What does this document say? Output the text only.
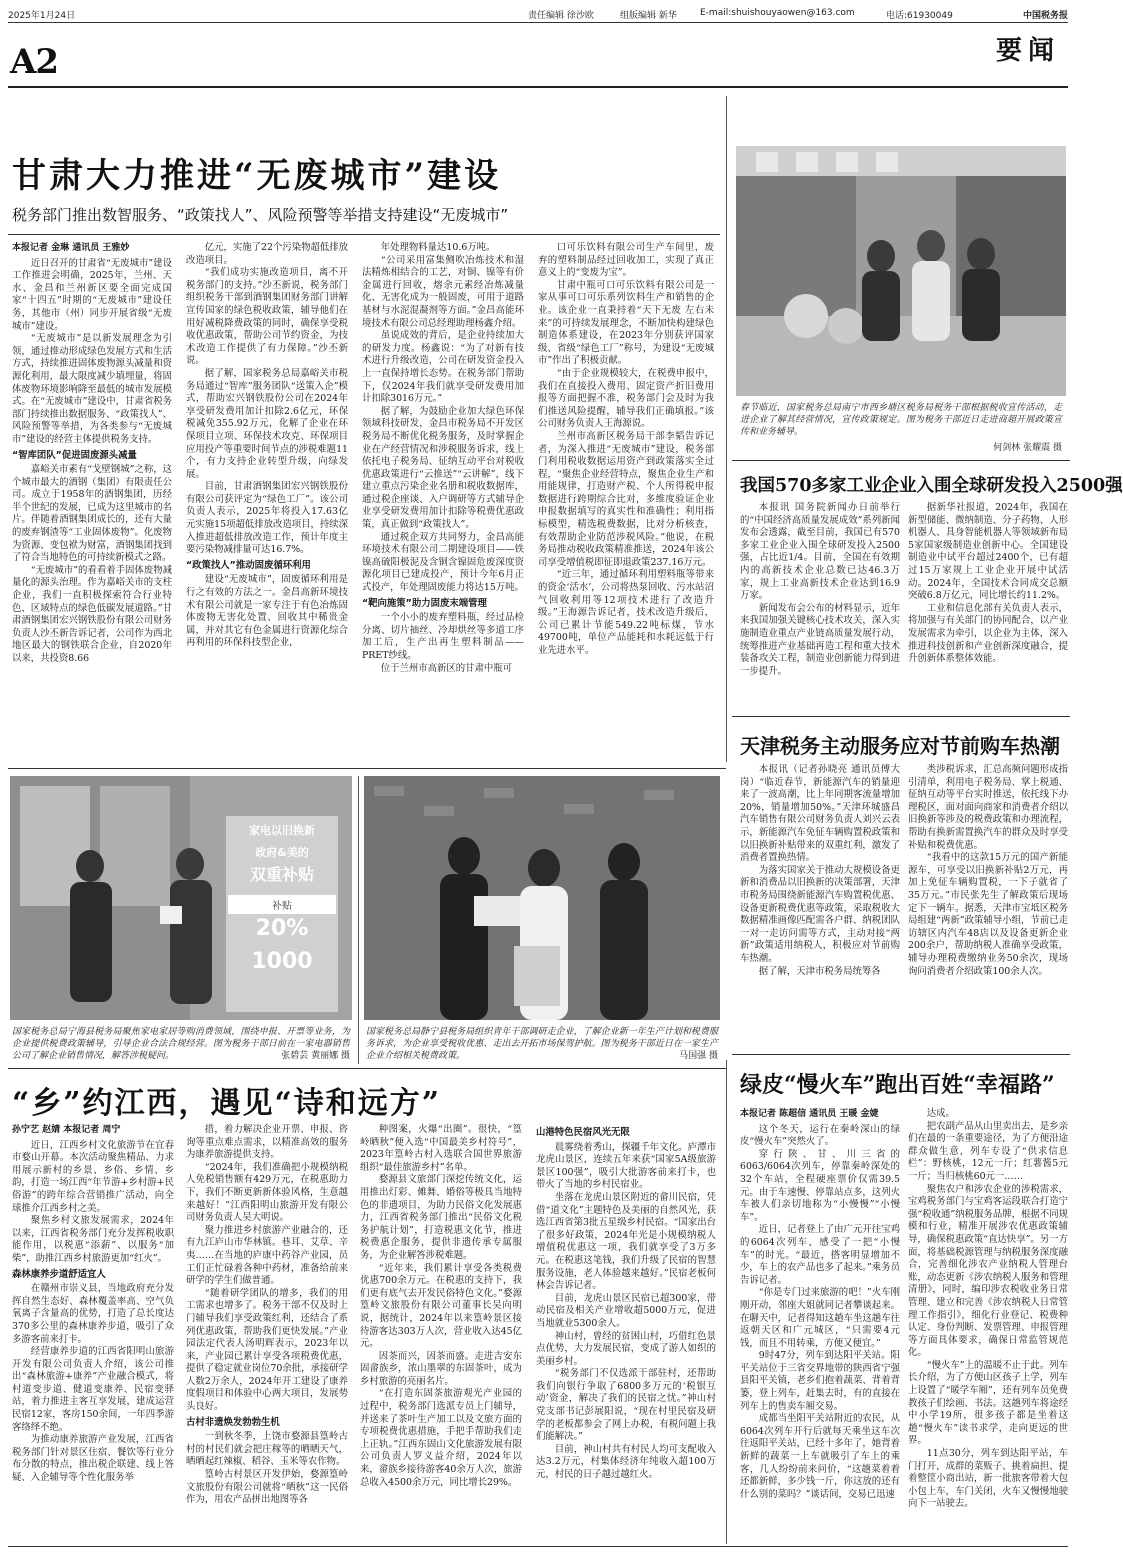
2025年1月24日	责任编辑 徐沙欧	组版编辑 新华	E-mail:shuishouyaowen@163.com	电话:61930049	中国税务报
A2	要闻
甘肃大力推进“无废城市”建设
税务部门推出数智服务、“政策找人”、风险预警等举措支持建设“无废城市”

本报记者 金琳 通讯员 王雅妙

近日召开的甘肃省“无废城市”建设工作推进会明确，2025年，兰州、天水、金昌和兰州新区要全面完成国家“十四五”时期的“无废城市”建设任务，其他市（州）同步开展省级“无废城市”建设。

“无废城市”是以新发展理念为引领，通过推动形成绿色发展方式和生活方式，持续推进固体废物源头减量和资源化利用，最大限度减少填埋量，将固体废物环境影响降至最低的城市发展模式。在“无废城市”建设中，甘肃省税务部门持续推出数据服务、“政策找人”、风险预警等举措，为各类参与“无废城市”建设的经营主体提供税务支持。

“智库团队”促进固废源头减量

嘉峪关市素有“戈壁钢城”之称，这个城市最大的酒钢（集团）有限责任公司。成立于1958年的酒钢集团，历经半个世纪的发展，已成为这里城市的名片。伴随着酒钢集团成长的，还有大量的废弃钢渣等“工业固体废物”。化废物为资源、变包袱为财富，酒钢集团找到了符合当地特色的可持续新模式之路。

“无废城市”的看看着手固体废物减量化的源头治理。作为嘉峪关市的支柱企业，我们一直积极探索符合行业特色、区域特点的绿色低碳发展道路。”甘肃酒钢集团宏兴钢铁股份有限公司财务负责人沙丕新告诉记者，公司作为西北地区最大的钢铁联合企业，自2020年以来，共投资8.66

亿元，实施了22个污染物超低排放改造项目。

“我们成功实施改造项目，离不开税务部门的支持。”沙丕新说，税务部门组织税务干部到酒钢集团财务部门讲解宣传国家的绿色税收政策，辅导他们在用好减税降费政策的同时，确保享受税收优惠政策，帮助公司节约资金，为技术改造工作提供了有力保障。”沙丕新说。

据了解，国家税务总局嘉峪关市税务局通过“智库”服务团队“送策入企”模式，帮助宏兴钢铁股份公司在2024年享受研发费用加计扣除2.6亿元，环保税减免355.92万元，化解了企业在环保项目立项、环保技术攻克、环保项目应用投产等重要时间节点的涉税难题11个，有力支持企业转型升级，向绿发展。

目前，甘肃酒钢集团宏兴钢铁股份有限公司获评定为“绿色工厂”。该公司负责人表示，2025年将投入17.63亿元实施15项超低排放改造项目，持续深入推进超低排放改造工作，预计年度主要污染物减排量可达16.7%。

“政策找人”推动固废循环利用

建设“无废城市”，固废循环利用是行之有效的方法之一。金昌高新环境技术有限公司就是一家专注于有色冶炼固体废物无害化处置、回收其中稀贵金属，并对其它有色金属进行资源化综合再利用的环保科技型企业，

年处理物料量达10.6万吨。

“公司采用富集侧吹冶炼技术和湿法精炼相结合的工艺，对铜、镍等有价金属进行回收，熔余元素经冶炼减量化、无害化成为一般固废，可用于道路基材与水泥混凝剂等方面。”金昌高能环境技术有限公司总经理助理杨鑫介绍。

虽说成效的背后，是企业持续加大的研发力度。杨鑫说：“为了对新有技术进行升级改造，公司在研发资金投入上一直保持增长态势。在税务部门帮助下，仅2024年我们就享受研发费用加计扣除3016万元。”

据了解，为鼓励企业加大绿色环保领域科技研发，金昌市税务局不开发区税务局不断优化税务服务，及时掌握企业在产经营情况和涉税服务诉求，线上依托电子税务局、征纳互动平台对税收优惠政策进行“云推送”“云讲解”，线下建立重点污染企业名册和税收数据库，通过税企座谈、入户调研等方式辅导企业享受研发费用加计扣除等税费优惠政策，真正做到“政策找人”。

通过税企双方共同努力，金昌高能环境技术有限公司二期建设项目——铁镍高硫阳极泥及含铜含镍固危废深度资源化项目已建成投产，预计今年6月正式投产，年处理固废能力将达15万吨。

“靶向施策”助力固废末端管理

一个小小的废弃塑料瓶，经过品检分离、切片抽丝、冷却烘丝等多道工序加工后，生产出再生塑料制品——PRET纱线。

位于兰州市高新区的甘肃中瓶可

口可乐饮料有限公司生产车间里，废弃的塑料制品经过回收加工，实现了真正意义上的“变废为宝”。

甘肃中瓶可口可乐饮料有限公司是一家从事可口可乐系列饮料生产和销售的企业。该企业一直秉持着“天下无废 左右未来”的可持续发展理念，不断加快构建绿色制造体系建设，在2023年分别获评国家级、省级“绿色工厂”称号，为建设“无废城市”作出了积极贡献。

“由于企业规模较大，在税费申报中，我们在直接投入费用、固定资产折旧费用报等方面把握不准，税务部门会及时为我们推送风险提醒，辅导我们正确填报。”该公司财务负责人王海源说。

兰州市高新区税务局干部李韬告诉记者，为深入推进“无废城市”建设，税务部门利用税收数据运用资产到政策落实全过程，“聚焦企业经营特点，聚焦企业生产和用能规律，打造财产税、个人所得税申报数据进行跨期综合比对，多维度验证企业申报数据填写的真实性和准确性；利用指标模型，精选税费数据，比对分析核查，有效帮助企业防范涉税风险。”他说，在税务局推动税收政策精准推送，2024年该公司享受增值税即征即退政策237.16万元。

“近三年，通过循环利用塑料瓶等带来的资金‘活水’，公司将热泵回收、污水站沼气回收利用等12项技术进行了改造升级。”王海源告诉记者，技术改造升级后，公司已累计节能549.22吨标煤，节水49700吨，单位产品能耗和水耗远低于行业先进水平。

春节临近，国家税务总局南宁市西乡塘区税务局税务干部根据税收宣传活动，走进企业了解其经营情况，宣传政策规定。图为税务干部近日走进商超开展政策宣传和业务辅导。
何剑林 张耀震 摄
我国570多家工业企业入围全球研发投入2500强

本报讯 国务院新闻办日前举行的“中国经济高质量发展成效”系列新闻发布会透露，截至目前，我国已有570多家工业企业入围全球研发投入2500强，占比近1/4。目前，全国在有效期内的高新技术企业总数已达46.3万家，规上工业高新技术企业达到16.9万家。

新闻发布会公布的材料显示，近年来我国加强关键核心技术攻关，深入实施制造业重点产业链高质量发展行动，统筹推进产业基础再造工程和重大技术装备攻关工程，制造业创新能力得到进一步提升。

据新华社报道，2024年，我国在新型储能、微纳制造、分子药物、人形机器人、具身智能机器人等领域新布局5家国家级制造业创新中心。全国建设制造业中试平台超过2400个，已有超过15万家规上工业企业开展中试活动。2024年，全国技术合同成交总额突破6.8万亿元，同比增长约11.2%。

工业和信息化部有关负责人表示，将加强与有关部门的协同配合，以产业发展需求为牵引，以企业为主体，深入推进科技创新和产业创新深度融合，提升创新体系整体效能。

天津税务主动服务应对节前购车热潮

本报讯（记者孙晓亮 通讯员傅大岗）“临近春节，新能源汽车的销量迎来了一波高潮，比上年同期客流量增加20%，销量增加50%。”天津环城盛昌汽车销售有限公司财务负责人刘兴云表示，新能源汽车免征车辆购置税政策和以旧换新补贴带来的双重红利，激发了消费者置换热情。

为落实国家关于推动大规模设备更新和消费品以旧换新的决策部署，天津市税务局围绕新能源汽车购置税优惠、设备更新税费优惠等政策，采取税收大数据精准画像匹配需各户群、纳税团队一对一走访问需等方式，主动对接“两新”政策适用纳税人，积极应对节前购车热潮。

据了解，天津市税务局统筹各

类涉税诉求，汇总高频问题形成指引清单，利用电子税务局、掌上税通、征纳互动等平台实时推送，依托线下办理税区，面对面向商家和消费者介绍以旧换新等涉及的税费政策和办理流程，帮助有换新需置换汽车的群众及时享受补贴和税费优惠。

“我看中的这款15万元的国产新能源车，可享受以旧换新补贴2万元，再加上免征车辆购置税，一下子就省了35万元。”市民张先生了解政策后现场定下一辆车。据悉，天津市宝坻区税务局组建“两新”政策辅导小组，节前已走访辖区内汽车48店以及设备更新企业200余户，帮助纳税人准确享受政策，辅导办理税费缴纳业务50余次，现场询问消费者介绍政策100余人次。

绿皮“慢火车”跑出百姓“幸福路”

本报记者 陈超信 通讯员 王暖 金婕

这个冬天，运行在秦岭深山的绿皮“慢火车”突然火了。

穿行陕、甘、川三省的6063/6064次列车，停靠秦岭深处的32个车站，全程硬座票价仅需39.5元。由于车速慢、停靠站点多，这列火车被人们亲切地称为“小慢慢”“小慢车”。

近日，记者登上了由广元开往宝鸡的6064次列车，感受了一把“小慢车”的时光。“最近，搭客明显增加不少，车上的农产品也多了起来。”乘务员告诉记者。

“你是专门过来旅游的吧！”火车刚刚开动，邻座大姐就同记者攀谈起来。在聊天中，记者得知这趟车坐这趟车往返朝天区和广元城区，“只需要4元钱，而且不用转乘，方便又便宜。”

9时47分，列车到达阳平关站。阳平关站位于三省交界地带的陕西省宁强县阳平关镇，老乡们抱着蔬菜、背着背篓，登上列车，赶集去时，有的直接在列车上的售卖车厢交易。

成都当坐阳平关站附近的农民，从6064次列车开行后就每天乘坐这车次往返阳平关站，已经十多年了，她背着新鲜的蔬菜一上车就吸引了车上的乘客，几人纷纷前来问价，“这趟菜着着还都新鲜，多少钱一斤，你这放的还有什么别的菜吗？”谈话间，交易已迅速

达成。

把农副产品从山里卖出去，是乡亲们在最的一条重要途径，为了方便沿途群众做生意，列车专设了“供求信息栏”：野核桃，12元一斤；红薯酱5元一斤；当归核桃60元一……

聚焦农户和涉农企业的涉税需求，宝鸡税务部门与宝鸡客运段联合打造宁强“税收通”纳税服务品牌，根据不同规模和行业，精准开展涉农优惠政策辅导，确保税惠政策“直达快享”。另一方面，将基础税源管理与纳税服务深度融合，完善细化涉农产业纳税人管理台账，动态更新《涉农纳税人服务和管理清册》，同时，编印涉农税收业务日常管理、建立和完善《涉农纳税人日常管理工作指引》，细化行业登记、税费种认定、身份判断、发票管理、申报管理等方面具体要求，确保日常监管规范化。

“慢火车”上的温暖不止于此。列车长介绍，为了方便山区孩子上学，列车上设置了“暖学车厢”，还有列车员免费教孩子们绘画、书法。这趟列车将途经中小学19所，很多孩子都是坐着这趟“慢火车”读书求学，走向更远的世界。

11点30分，列车到达阳平站，车门打开，成群的菜贩子、挑着扁担、提着整筐小商出站，新一批旅客带着大包小包上车，车门关闭，火车又慢慢地驶向下一站驶去。

家电以旧换新
政府&美的
双重补贴
补贴
20%
1000
国家税务总局宁海县税务局聚焦家电家居等购消费领域，围绕申报、开票等业务，为企业提供税费政策辅导，引导企业合法合规经营。图为税务干部日前在一家电器销售公司了解企业销售情况，解答涉税疑问。	张碧芸 黄丽娜 摄
国家税务总局静宁县税务局组织青年干部调研走企业，了解企业新一年生产计划和税费服务诉求，为企业享受税收优惠、走出去开拓市场保驾护航。图为税务干部近日在一家生产企业介绍相关税费政策。	马国强 摄
“乡”约江西，遇见“诗和远方”

孙宁艺 赵婧 本报记者 周宁

近日，江西乡村文化旅游节在宜春市婺山开幕。本次活动聚焦精品、力求用展示新村的乡景、乡俗、乡情、乡韵，打造一场江西“年节游+乡村游+民俗游”的跨年综合营销推广活动，向全球推介江西乡村之美。

聚焦乡村文旅发展需求，2024年以来，江西省税务部门充分发挥税收职能作用，以税惠“添薪”、以服务“加柴”，助推江西乡村旅游更加“红火”。

森林康养步道舒适宜人

在赣州市崇义县，当地政府充分发挥自然生态好、森林覆盖率高、空气负氧离子含量高的优势，打造了总长度达370多公里的森林康养步道，吸引了众多游客前来打卡。

经营康养步道的江西省阳明山旅游开发有限公司负责人介绍，该公司推出“森林旅游+康养”产业融合模式，将村道变步道、健道变康养、民宿变驿站，着力推进主客互享发展，建成运营民宿12家，客房150余间，一年四季游客络绎不绝。

为推动康养旅游产业发展，江西省税务部门针对景区住宿、餐饮等行业分布分散的特点，推出税企联建、线上答疑、入企辅导等个性化服务举

措，着力解决企业开票、申报、咨询等重点难点需求，以精准高效的服务为康养旅游提供支持。

“2024年，我们准确把小规模纳税人免税销售额有429万元，在税惠助力下，我们不断更新新体验风格，生意越来越好！”江西阳明山旅游开发有限公司财务负责人吴大明说。

聚力推进乡村旅游产业融合的，还有九江庐山市华林镇。巷耳、艾草、辛夷……在当地的庐康中药谷产业园，员工们正忙碌着各种中药材，准备给前来研学的学生们做普通。

“随着研学团队的增多，我们的用工需求也增多了。税务干部不仅及时上门辅导我们享受政策红利，还结合了系列优惠政策，帮助我们更快发展。”产业园法定代表人汤明辉表示，2023年以来，产业园已累计享受各项税费优惠，提供了稳定就业岗位70余批，承接研学人数2万余人，2024年开工建设了康养度假项目和体验中心两大项目，发展势头良好。

古村非遗焕发勃勃生机

一到秋冬季，上饶市婺源县篁岭古村的村民们就会把庄稼等的晒晒天气，晒晒起红辣椒、稻谷、玉米等农作物。

篁岭古村景区开发伊始，婺源篁岭文旅股份有限公司就将“晒秋”这一民俗作为，用农产品拼出地图等各

种图案，火爆“出圈”。很快，“篁岭晒秋”便入选“中国最美乡村符号”，2023年篁岭古村入选联合国世界旅游组织“最佳旅游乡村”名单。

婺源县文旅部门深挖传统文化，运用推出灯彩、傩舞、婚俗等极具当地特色的非遗项目，为助力民俗文化发展惠力，江西省税务部门推出“民俗文化税务护航计划”，打造税惠文化节，推进税费惠企服务，提供非遗传承专属服务，为企业解答涉税难题。

“近年来，我们累计享受各类税费优惠700余万元。在税惠的支持下，我们更有底气去开发民俗特色文化。”婺源篁岭文旅股份有限公司董事长吴向明说，据统计，2024年以来篁岭景区接待游客达303万人次，营业收入达45亿元。

因茶而兴，因茶而盛。走进吉安东固畲族乡，浓山墨翠的东固茶叶，成为乡村旅游的亮丽名片。

“在打造东固茶旅游观光产业园的过程中，税务部门选派专员上门辅导，并送来了茶叶生产加工以及文旅方面的专项税费优惠措施，手把手帮助我们走上正轨。”江西东固山文化旅游发展有限公司负责人罗义益介绍，2024年以来，畲族乡接待游客40余万人次，旅游总收入4500余万元，同比增长29%。

山港特色民宿风光无限

晨雾绕着秀山，探疆千年文化。庐潭市龙虎山景区，连续五年来获“国家5A级旅游景区100强”，吸引大批游客前来打卡，也带火了当地的乡村民宿业。

坐落在龙虎山景区附近的畲川民宿，凭借“道文化”主题特色及美丽的自然风光，获选江西省第3批五星级乡村民宿。“国家出台了很多好政策，2024年光是小规模纳税人增值税优惠这一项，我们就享受了3万多元。在税惠这笔钱，我们升级了民宿的智慧服务设施，老人体验越来越好。”民宿老板何林会告诉记者。

目前，龙虎山景区民宿已超300家，带动民宿及相关产业增收超5000万元，促进当地就业5300余人。

神山村，曾经的贫困山村，巧借红色景点优势，大力发展民宿，变成了游人如织的美丽乡村。

“税务部门不仅选派干部驻村，还帮助我们向银行争取了6800多万元的‘税银互动’资金，解决了我们的民宿之忧。”神山村党支部书记彭展阳说，“现在村里民宿及研学的老板都参会了网上办税，有税问题上我们能解决。”

目前，神山村共有村民人均可支配收入达3.2万元，村集体经济年纯收入超100万元，村民的日子越过越红火。
